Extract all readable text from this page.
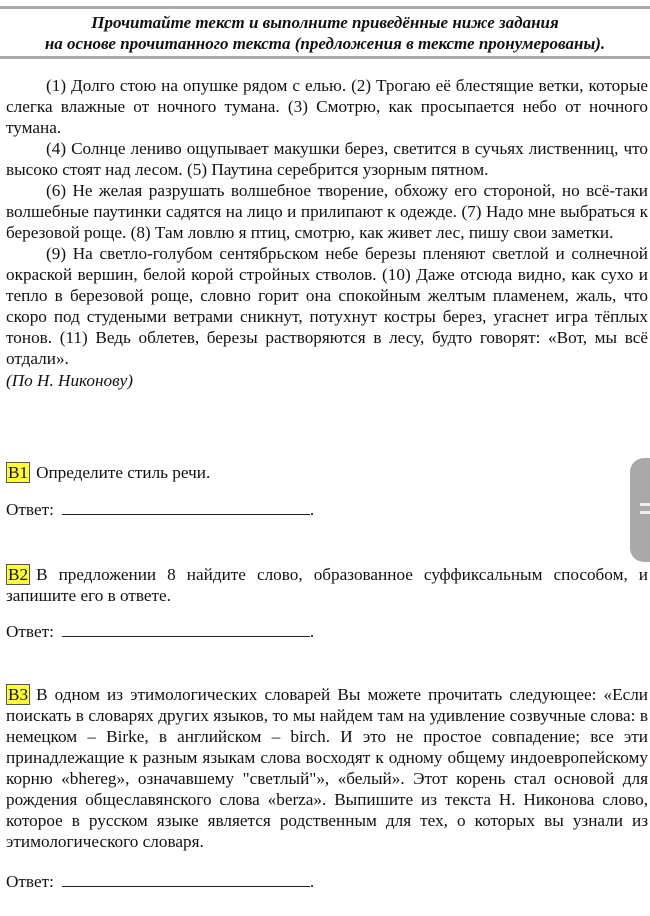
Прочитайте текст и выполните приведённые ниже задания
на основе прочитанного текста (предложения в тексте пронумерованы).

(1) Долго стою на опушке рядом с елью. (2) Трогаю её блестящие ветки, которые слегка влажные от ночного тумана. (3) Смотрю, как просыпается небо от ночного тумана.

(4) Солнце лениво ощупывает макушки берез, светится в сучьях лиственниц, что высоко стоят над лесом. (5) Паутина серебрится узорным пятном.

(6) Не желая разрушать волшебное творение, обхожу его стороной, но всё-таки волшебные паутинки садятся на лицо и прилипают к одежде. (7) Надо мне выбраться к березовой роще. (8) Там ловлю я птиц, смотрю, как живет лес, пишу свои заметки.

(9) На светло-голубом сентябрьском небе березы пленяют светлой и солнечной окраской вершин, белой корой стройных стволов. (10) Даже отсюда видно, как сухо и тепло в березовой роще, словно горит она спокойным желтым пламенем, жаль, что скоро под студеными ветрами сникнут, потухнут костры берез, угаснет игра тёплых тонов. (11) Ведь облетев, березы растворяются в лесу, будто говорят: «Вот, мы всё отдали».

(По Н. Никонову)

B1 Определите стиль речи.
Ответ:	.
B2 В предложении 8 найдите слово, образованное суффиксальным способом, и запишите его в ответе.
Ответ:	.
B3 В одном из этимологических словарей Вы можете прочитать следующее: «Если поискать в словарях других языков, то мы найдем там на удивление созвучные слова: в немецком – Birke, в английском – birch. И это не простое совпадение; все эти принадлежащие к разным языкам слова восходят к одному общему индоевропейскому корню «bhereg», означавшему "светлый"», «белый». Этот корень стал основой для рождения общеславянского слова «berza». Выпишите из текста Н. Никонова слово, которое в русском языке является родственным для тех, о которых вы узнали из этимологического словаря.
Ответ:	.
